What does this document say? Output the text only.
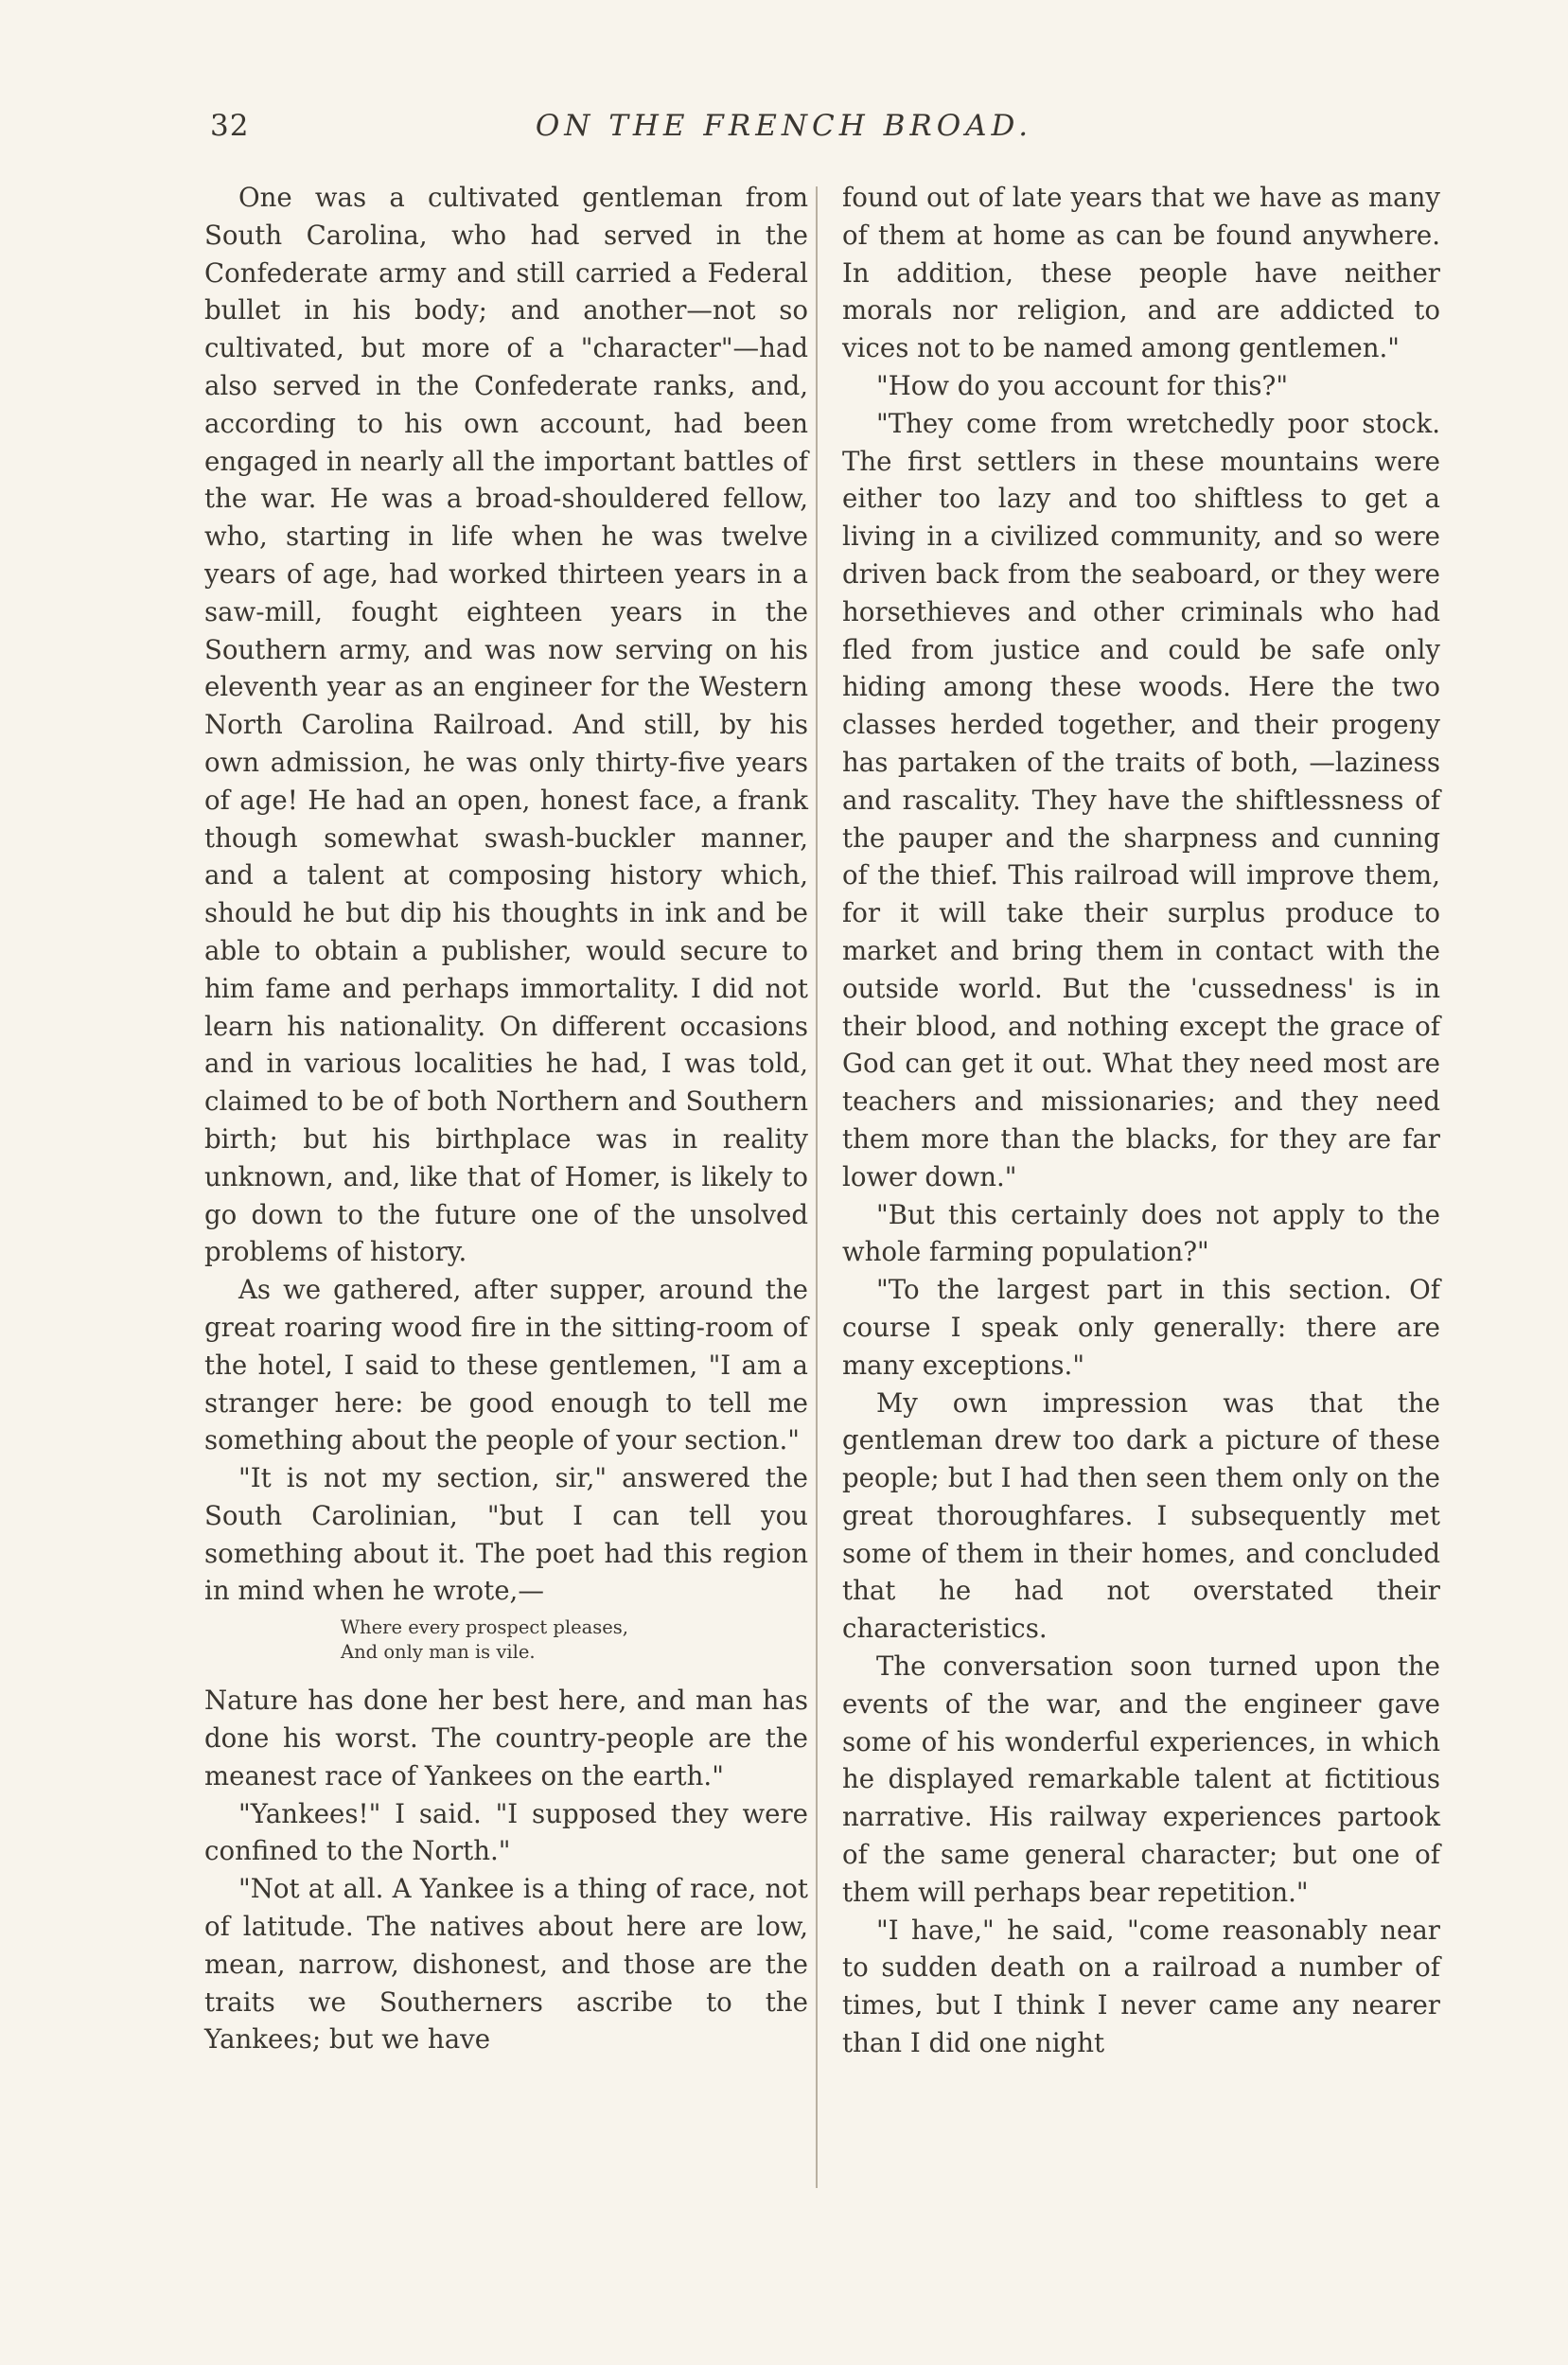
32	ON THE FRENCH BROAD.

One was a cultivated gentleman from South Carolina, who had served in the Confederate army and still carried a Federal bullet in his body; and another—not so cultivated, but more of a "character"—had also served in the Confederate ranks, and, according to his own account, had been engaged in nearly all the important battles of the war. He was a broad-shouldered fellow, who, starting in life when he was twelve years of age, had worked thirteen years in a saw-mill, fought eighteen years in the Southern army, and was now serving on his eleventh year as an engineer for the Western North Carolina Railroad. And still, by his own admission, he was only thirty-five years of age! He had an open, honest face, a frank though somewhat swash-buckler manner, and a talent at composing history which, should he but dip his thoughts in ink and be able to obtain a publisher, would secure to him fame and perhaps immortality. I did not learn his nationality. On different occasions and in various localities he had, I was told, claimed to be of both Northern and Southern birth; but his birthplace was in reality unknown, and, like that of Homer, is likely to go down to the future one of the unsolved problems of history.

As we gathered, after supper, around the great roaring wood fire in the sitting-room of the hotel, I said to these gentlemen, "I am a stranger here: be good enough to tell me something about the people of your section."

"It is not my section, sir," answered the South Carolinian, "but I can tell you something about it. The poet had this region in mind when he wrote,—

Where every prospect pleases,
And only man is vile.

Nature has done her best here, and man has done his worst. The country-people are the meanest race of Yankees on the earth."

"Yankees!" I said. "I supposed they were confined to the North."

"Not at all. A Yankee is a thing of race, not of latitude. The natives about here are low, mean, narrow, dishonest, and those are the traits we Southerners ascribe to the Yankees; but we have

found out of late years that we have as many of them at home as can be found anywhere. In addition, these people have neither morals nor religion, and are addicted to vices not to be named among gentlemen."

"How do you account for this?"

"They come from wretchedly poor stock. The first settlers in these mountains were either too lazy and too shiftless to get a living in a civilized community, and so were driven back from the seaboard, or they were horsethieves and other criminals who had fled from justice and could be safe only hiding among these woods. Here the two classes herded together, and their progeny has partaken of the traits of both, —laziness and rascality. They have the shiftlessness of the pauper and the sharpness and cunning of the thief. This railroad will improve them, for it will take their surplus produce to market and bring them in contact with the outside world. But the 'cussedness' is in their blood, and nothing except the grace of God can get it out. What they need most are teachers and missionaries; and they need them more than the blacks, for they are far lower down."

"But this certainly does not apply to the whole farming population?"

"To the largest part in this section. Of course I speak only generally: there are many exceptions."

My own impression was that the gentleman drew too dark a picture of these people; but I had then seen them only on the great thoroughfares. I subsequently met some of them in their homes, and concluded that he had not overstated their characteristics.

The conversation soon turned upon the events of the war, and the engineer gave some of his wonderful experiences, in which he displayed remarkable talent at fictitious narrative. His railway experiences partook of the same general character; but one of them will perhaps bear repetition."

"I have," he said, "come reasonably near to sudden death on a railroad a number of times, but I think I never came any nearer than I did one night
